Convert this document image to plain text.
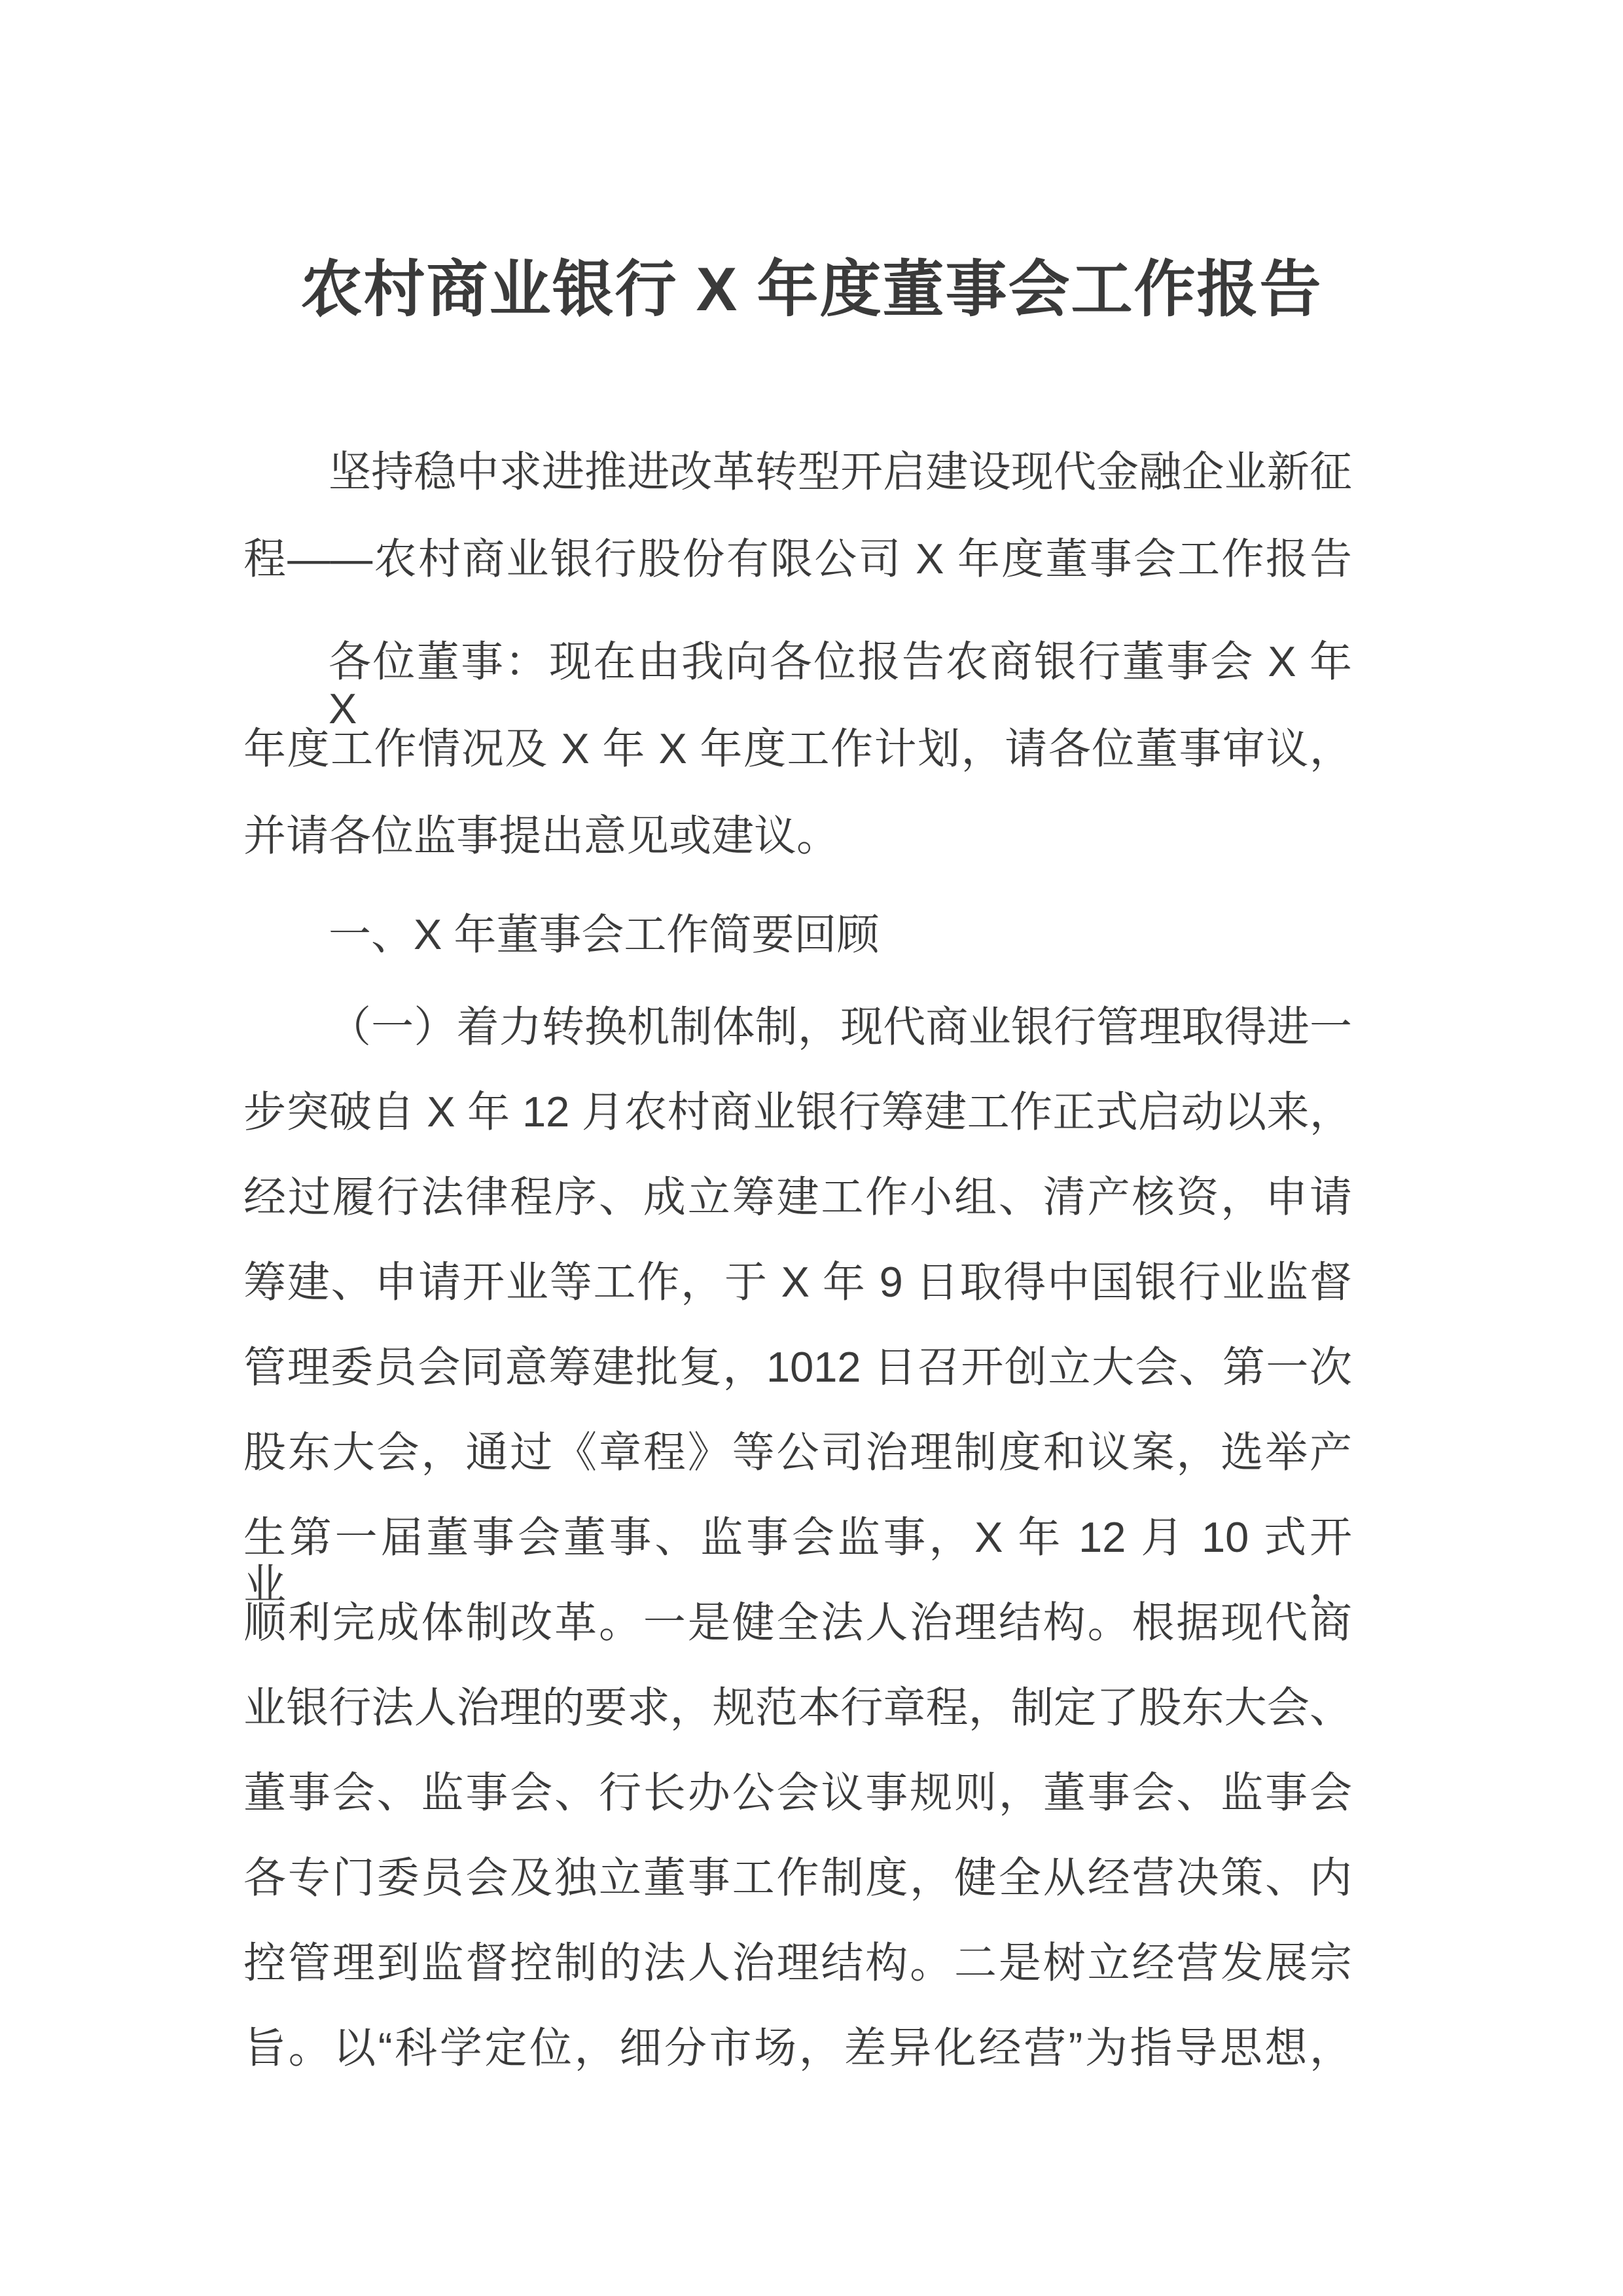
农村商业银行 X 年度董事会工作报告
坚持稳中求进推进改革转型开启建设现代金融企业新征
程——农村商业银行股份有限公司 X 年度董事会工作报告
各位董事：现在由我向各位报告农商银行董事会 X 年 X
年度工作情况及 X 年 X 年度工作计划，请各位董事审议，
并请各位监事提出意见或建议。
一、X 年董事会工作简要回顾
（一）着力转换机制体制，现代商业银行管理取得进一
步突破自 X 年 12 月农村商业银行筹建工作正式启动以来，
经过履行法律程序、成立筹建工作小组、清产核资，申请
筹建、申请开业等工作，于 X 年 9 日取得中国银行业监督
管理委员会同意筹建批复，1012 日召开创立大会、第一次
股东大会，通过《章程》等公司治理制度和议案，选举产
生第一届董事会董事、监事会监事，X 年 12 月 10 式开业，
顺利完成体制改革。一是健全法人治理结构。根据现代商
业银行法人治理的要求，规范本行章程，制定了股东大会、
董事会、监事会、行长办公会议事规则，董事会、监事会
各专门委员会及独立董事工作制度，健全从经营决策、内
控管理到监督控制的法人治理结构。二是树立经营发展宗
旨。以“科学定位，细分市场，差异化经营”为指导思想，
